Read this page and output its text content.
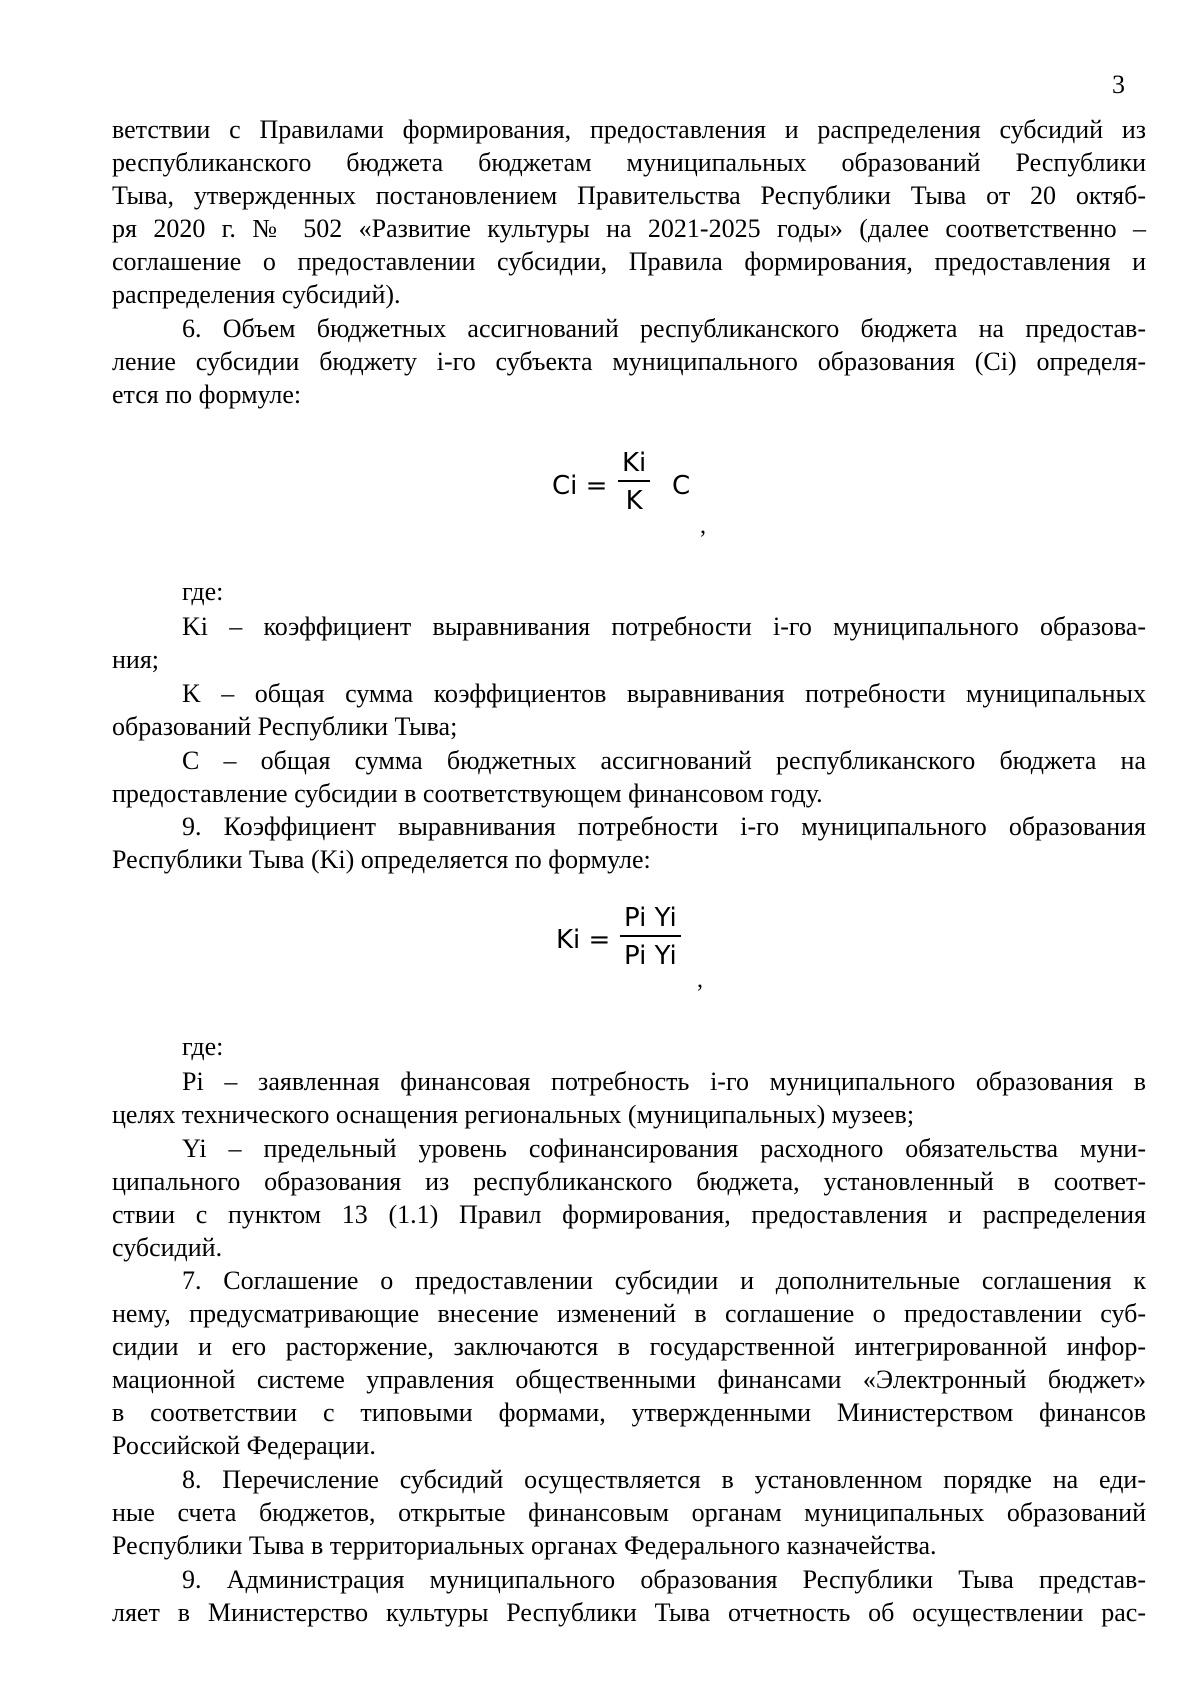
3
ветствии с Правилами формирования, предоставления и распределения субсидий из
республиканского бюджета бюджетам муниципальных образований Республики
Тыва, утвержденных постановлением Правительства Республики Тыва от 20 октяб-
ря 2020 г. № 502 «Развитие культуры на 2021-2025 годы» (далее соответственно –
соглашение о предоставлении субсидии, Правила формирования, предоставления и
распределения субсидий).
6. Объем бюджетных ассигнований республиканского бюджета на предостав-
ление субсидии бюджету i-го субъекта муниципального образования (Ci) определя-
ется по формуле:
Ci =
Ki
K C
,
где:
Ki – коэффициент выравнивания потребности i-го муниципального образова-
ния;
K – общая сумма коэффициентов выравнивания потребности муниципальных
образований Республики Тыва;
C – общая сумма бюджетных ассигнований республиканского бюджета на
предоставление субсидии в соответствующем финансовом году.
9. Коэффициент выравнивания потребности i-го муниципального образования
Республики Тыва (Ki) определяется по формуле:
Ki =
Pi Yi
Pi Yi
,
где:
Pi – заявленная финансовая потребность i-го муниципального образования в
целях технического оснащения региональных (муниципальных) музеев;
Yi – предельный уровень софинансирования расходного обязательства муни-
ципального образования из республиканского бюджета, установленный в соответ-
ствии с пунктом 13 (1.1) Правил формирования, предоставления и распределения
субсидий.
7. Соглашение о предоставлении субсидии и дополнительные соглашения к
нему, предусматривающие внесение изменений в соглашение о предоставлении суб-
сидии и его расторжение, заключаются в государственной интегрированной инфор-
мационной системе управления общественными финансами «Электронный бюджет»
в соответствии с типовыми формами, утвержденными Министерством финансов
Российской Федерации.
8. Перечисление субсидий осуществляется в установленном порядке на еди-
ные счета бюджетов, открытые финансовым органам муниципальных образований
Республики Тыва в территориальных органах Федерального казначейства.
9. Администрация муниципального образования Республики Тыва представ-
ляет в Министерство культуры Республики Тыва отчетность об осуществлении рас-
